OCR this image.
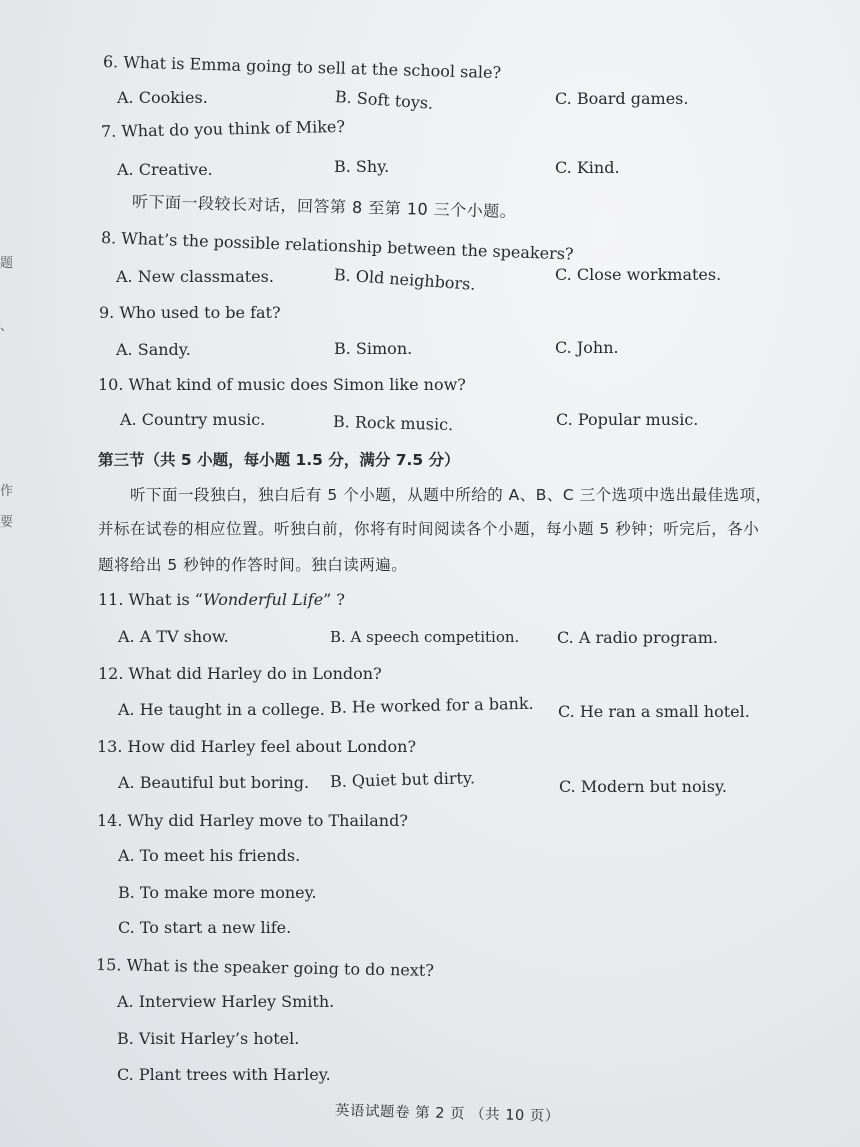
题
、
作
要
6. What is Emma going to sell at the school sale?
A. Cookies.	B. Soft toys.	C. Board games.
7. What do you think of Mike?
A. Creative.	B. Shy.	C. Kind.
听下面一段较长对话，回答第 8 至第 10 三个小题。
8. What’s the possible relationship between the speakers?
A. New classmates.	B. Old neighbors.	C. Close workmates.
9. Who used to be fat?
A. Sandy.	B. Simon.	C. John.
10. What kind of music does Simon like now?
A. Country music.	B. Rock music.	C. Popular music.
第三节（共 5 小题，每小题 1.5 分，满分 7.5 分）
听下面一段独白，独白后有 5 个小题，从题中所给的 A、B、C 三个选项中选出最佳选项，
并标在试卷的相应位置。听独白前，你将有时间阅读各个小题，每小题 5 秒钟；听完后，各小
题将给出 5 秒钟的作答时间。独白读两遍。
11. What is “Wonderful Life” ?
A. A TV show.	B. A speech competition. C. A radio program.
12. What did Harley do in London?
A. He taught in a college. B. He worked for a bank. C. He ran a small hotel.
13. How did Harley feel about London?
A. Beautiful but boring. B. Quiet but dirty.	C. Modern but noisy.
14. Why did Harley move to Thailand?
A. To meet his friends.
B. To make more money.
C. To start a new life.
15. What is the speaker going to do next?
A. Interview Harley Smith.
B. Visit Harley’s hotel.
C. Plant trees with Harley.
英语试题卷 第 2 页 （共 10 页）
